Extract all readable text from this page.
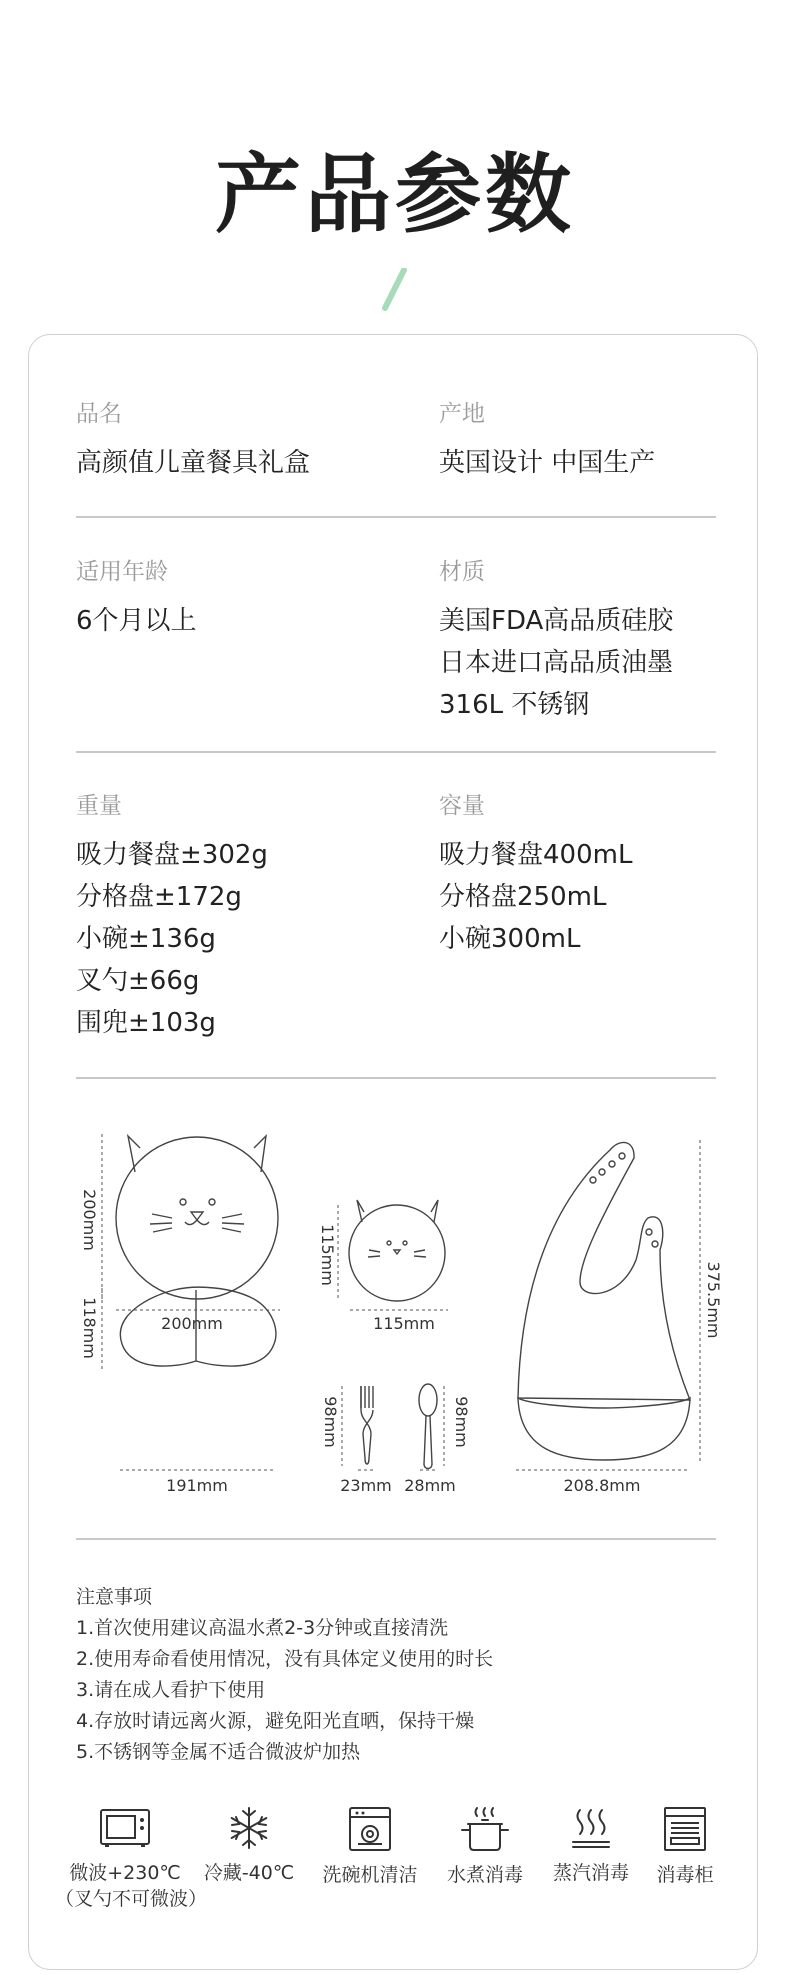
产品参数
品名
高颜值儿童餐具礼盒
产地
英国设计 中国生产
适用年龄
6个月以上
材质
美国FDA高品质硅胶
日本进口高品质油墨
316L 不锈钢
重量
吸力餐盘±302g
分格盘±172g
小碗±136g
叉勺±66g
围兜±103g
容量
吸力餐盘400mL
分格盘250mL
小碗300mL
200mm
200mm
115mm
115mm
118mm
191mm
98mm
23mm
98mm
28mm
375.5mm
208.8mm
注意事项
1.首次使用建议高温水煮2-3分钟或直接清洗
2.使用寿命看使用情况，没有具体定义使用的时长
3.请在成人看护下使用
4.存放时请远离火源，避免阳光直晒，保持干燥
5.不锈钢等金属不适合微波炉加热
微波+230℃
（叉勺不可微波）
冷藏-40℃	洗碗机清洁	水煮消毒	蒸汽消毒	消毒柜
